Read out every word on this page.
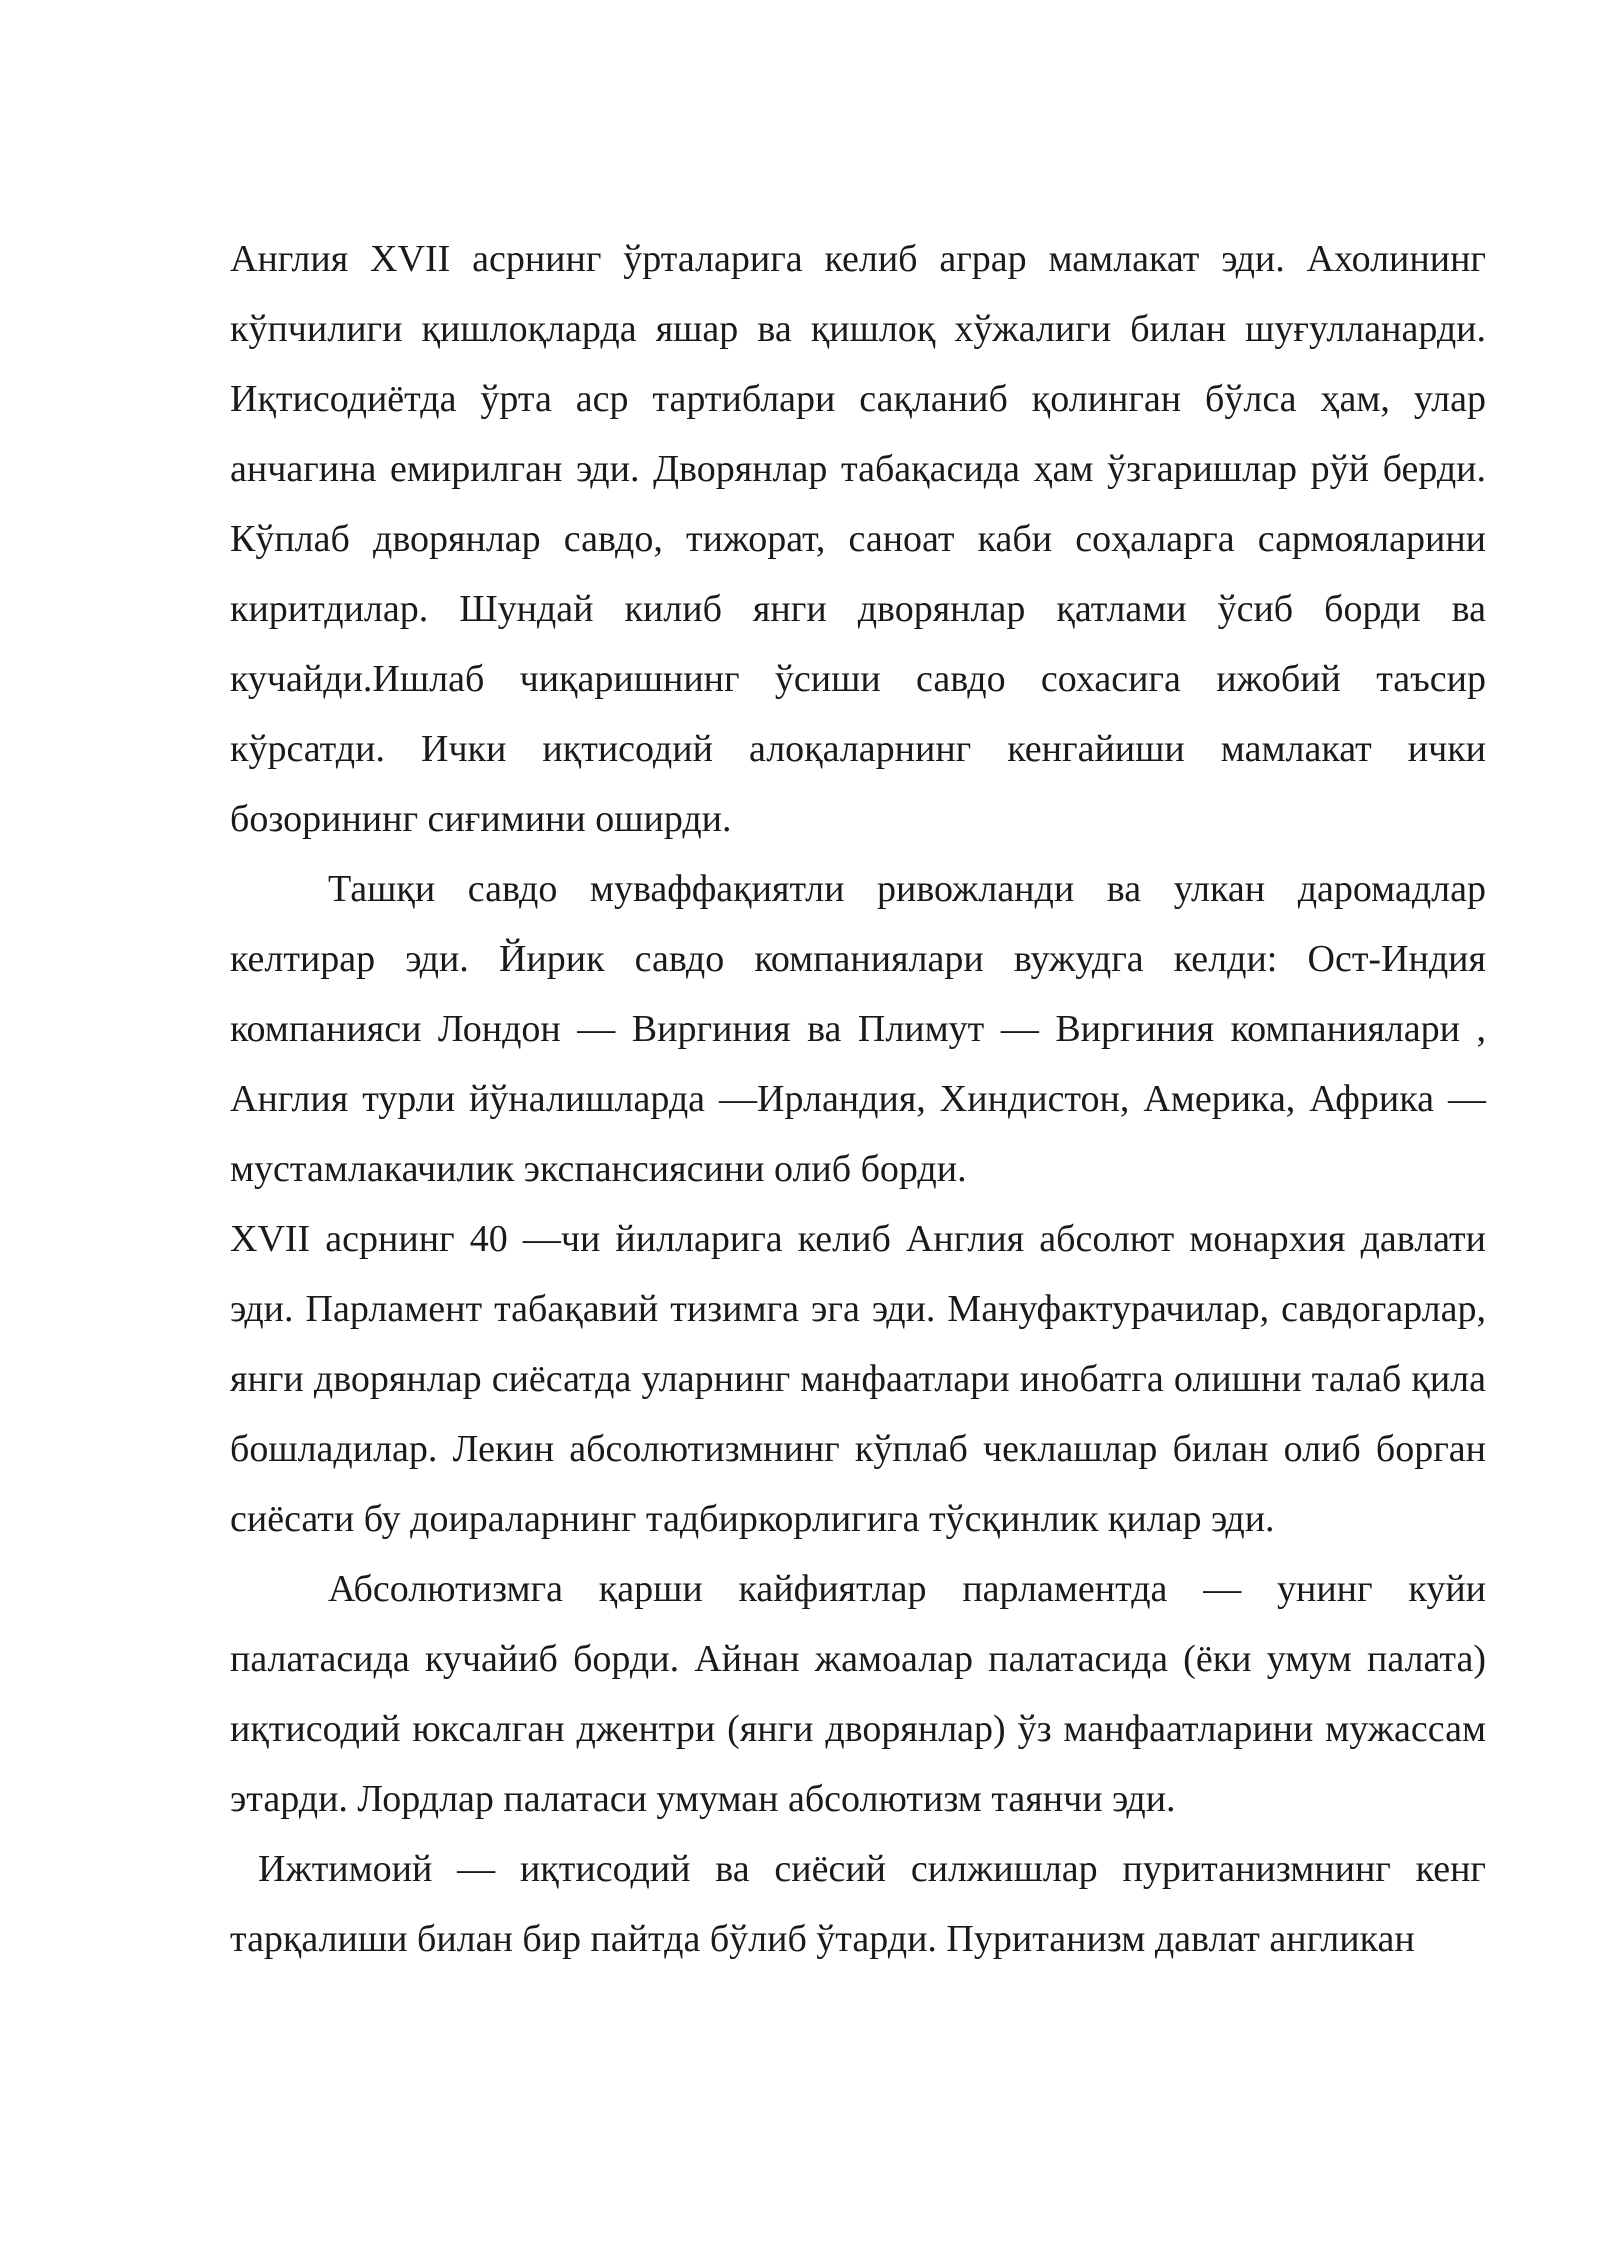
Англия XVII асрнинг ўрталарига келиб аграр мамлакат эди. Ахолининг кўпчилиги қишлоқларда яшар ва қишлоқ хўжалиги билан шуғулланарди. Иқтисодиётда ўрта аср тартиблари сақланиб қолинган бўлса ҳам, улар анчагина емирилган эди. Дворянлар табақасида ҳам ўзгаришлар рўй берди. Кўплаб дворянлар савдо, тижорат, саноат каби соҳаларга сармояларини киритдилар. Шундай килиб янги дворянлар қатлами ўсиб борди ва кучайди.Ишлаб чиқаришнинг ўсиши савдо сохасига ижобий таъсир кўрсатди. Ички иқтисодий алоқаларнинг кенгайиши мамлакат ички бозорининг сиғимини оширди.

Ташқи савдо муваффақиятли ривожланди ва улкан даромадлар келтирар эди. Йирик савдо компаниялари вужудга келди: Ост-Индия компанияси Лондон — Виргиния ва Плимут — Виргиния компаниялари , Англия турли йўналишларда —Ирландия, Хиндистон, Америка, Африка — мустамлакачилик экспансиясини олиб борди.

XVII асрнинг 40 —чи йилларига келиб Англия абсолют монархия давлати эди. Парламент табақавий тизимга эга эди. Мануфактурачилар, савдогарлар, янги дворянлар сиёсатда уларнинг манфаатлари инобатга олишни талаб қила бошладилар. Лекин абсолютизмнинг кўплаб чеклашлар билан олиб борган сиёсати бу доираларнинг тадбиркорлигига тўсқинлик қилар эди.

Абсолютизмга қарши кайфиятлар парламентда — унинг куйи палатасида кучайиб борди. Айнан жамоалар палатасида (ёки умум палата) иқтисодий юксалган джентри (янги дворянлар) ўз манфаатларини мужассам этарди. Лордлар палатаси умуман абсолютизм таянчи эди.

Ижтимоий — иқтисодий ва сиёсий силжишлар пуританизмнинг кенг тарқалиши билан бир пайтда бўлиб ўтарди. Пуританизм давлат англикан
